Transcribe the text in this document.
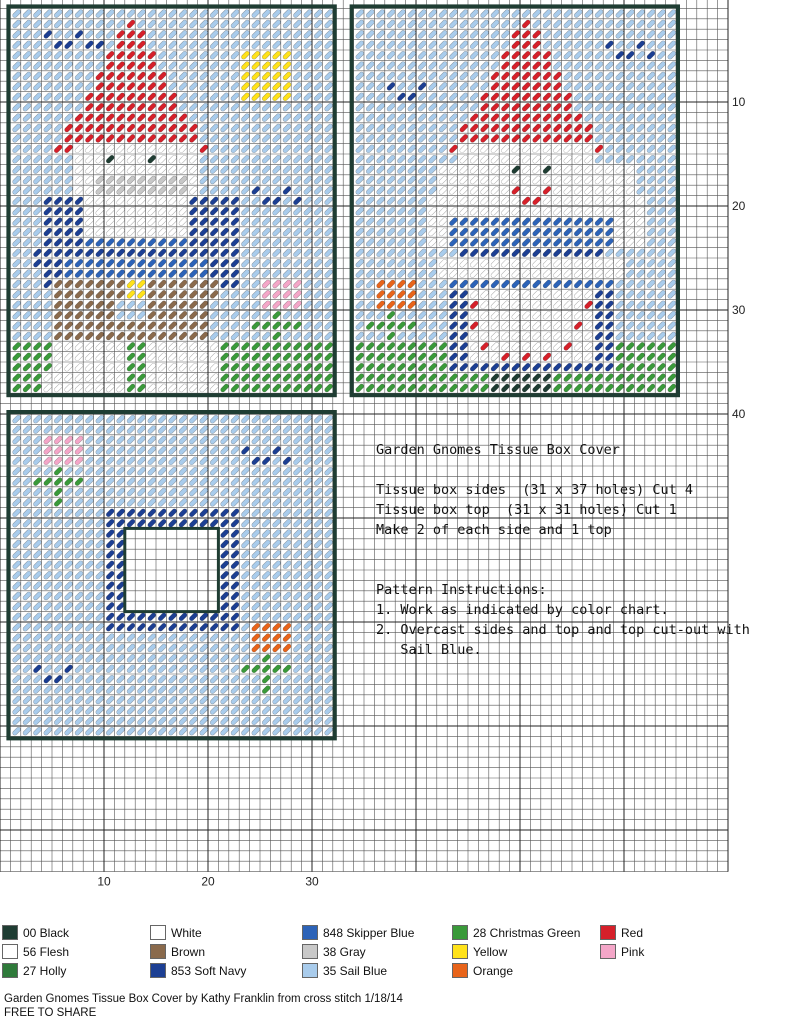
10
20
30
40
10	20	30
Garden Gnomes Tissue Box Cover
Tissue box sides  (31 x 37 holes) Cut 4
Tissue box top  (31 x 31 holes) Cut 1
Make 2 of each side and 1 top
Pattern Instructions:
1. Work as indicated by color chart.
2. Overcast sides and top and top cut-out with
Sail Blue.
00 Black
56 Flesh
27 Holly
White
Brown
853 Soft Navy
848 Skipper Blue
38 Gray
35 Sail Blue
28 Christmas Green
Yellow
Orange
Red
Pink
Garden Gnomes Tissue Box Cover by Kathy Franklin from cross stitch 1/18/14
FREE TO SHARE
